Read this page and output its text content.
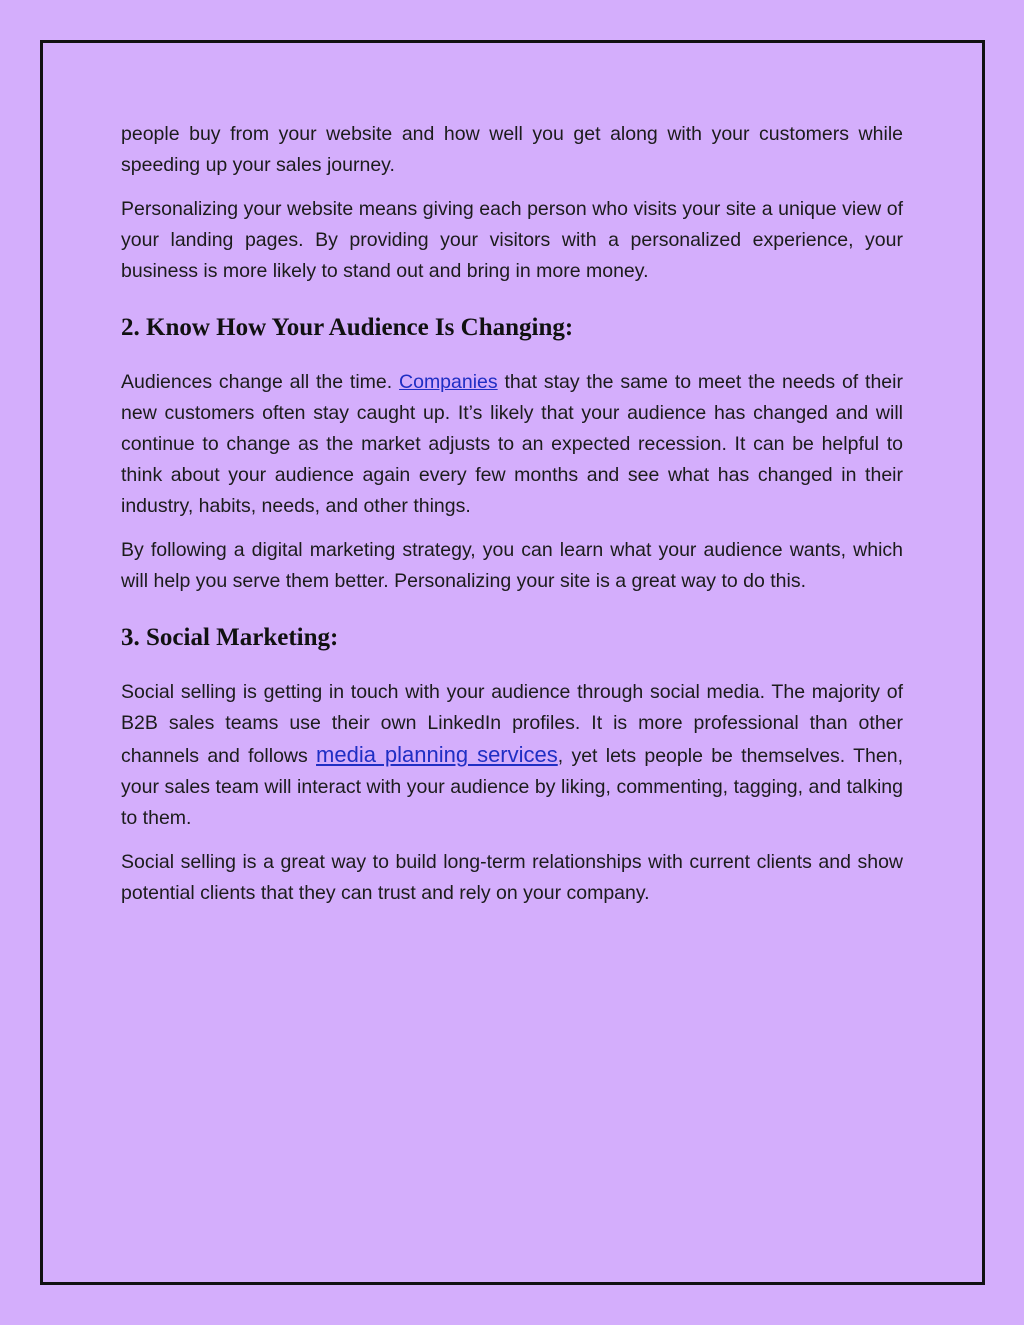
people buy from your website and how well you get along with your customers while speeding up your sales journey.

Personalizing your website means giving each person who visits your site a unique view of your landing pages. By providing your visitors with a personalized experience, your business is more likely to stand out and bring in more money.

2. Know How Your Audience Is Changing:

Audiences change all the time. Companies that stay the same to meet the needs of their new customers often stay caught up. It’s likely that your audience has changed and will continue to change as the market adjusts to an expected recession. It can be helpful to think about your audience again every few months and see what has changed in their industry, habits, needs, and other things.

By following a digital marketing strategy, you can learn what your audience wants, which will help you serve them better. Personalizing your site is a great way to do this.

3. Social Marketing:

Social selling is getting in touch with your audience through social media. The majority of B2B sales teams use their own LinkedIn profiles. It is more professional than other channels and follows media planning services, yet lets people be themselves. Then, your sales team will interact with your audience by liking, commenting, tagging, and talking to them.

Social selling is a great way to build long-term relationships with current clients and show potential clients that they can trust and rely on your company.
